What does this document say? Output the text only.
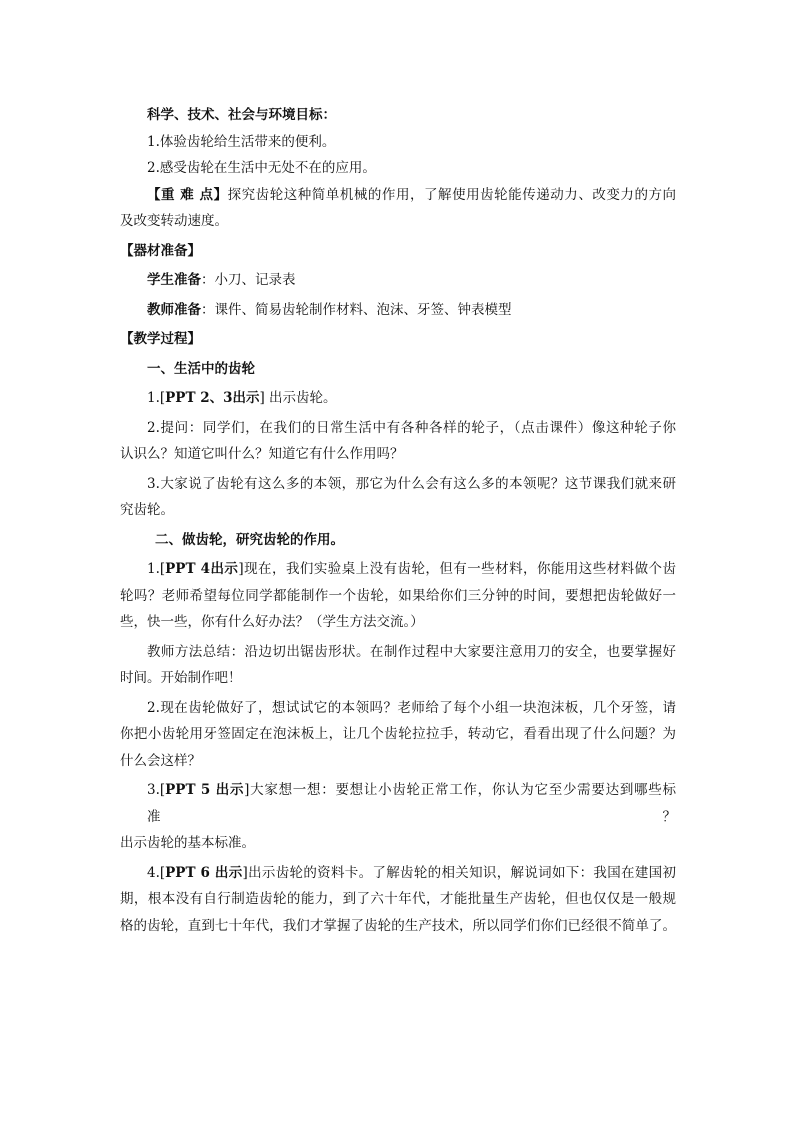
科学、技术、社会与环境目标：
1.体验齿轮给生活带来的便利。
2.感受齿轮在生活中无处不在的应用。
【重 难 点】探究齿轮这种简单机械的作用，了解使用齿轮能传递动力、改变力的方向
及改变转动速度。
【器材准备】
学生准备：小刀、记录表
教师准备：课件、简易齿轮制作材料、泡沫、牙签、钟表模型
【教学过程】
一、生活中的齿轮
1.[PPT 2、3出示] 出示齿轮。
2.提问：同学们，在我们的日常生活中有各种各样的轮子，（点击课件）像这种轮子你
认识么？知道它叫什么？知道它有什么作用吗？
3.大家说了齿轮有这么多的本领，那它为什么会有这么多的本领呢？这节课我们就来研
究齿轮。
二、做齿轮，研究齿轮的作用。
1.[PPT 4出示]现在，我们实验桌上没有齿轮，但有一些材料，你能用这些材料做个齿
轮吗？老师希望每位同学都能制作一个齿轮，如果给你们三分钟的时间，要想把齿轮做好一
些，快一些，你有什么好办法？（学生方法交流。）
教师方法总结：沿边切出锯齿形状。在制作过程中大家要注意用刀的安全，也要掌握好
时间。开始制作吧！
2.现在齿轮做好了，想试试它的本领吗？老师给了每个小组一块泡沫板，几个牙签，请
你把小齿轮用牙签固定在泡沫板上，让几个齿轮拉拉手，转动它，看看出现了什么问题？为
什么会这样？
3.[PPT 5 出示]大家想一想：要想让小齿轮正常工作，你认为它至少需要达到哪些标准？
出示齿轮的基本标准。
4.[PPT 6 出示]出示齿轮的资料卡。了解齿轮的相关知识，解说词如下：我国在建国初
期，根本没有自行制造齿轮的能力，到了六十年代，才能批量生产齿轮，但也仅仅是一般规
格的齿轮，直到七十年代，我们才掌握了齿轮的生产技术，所以同学们你们已经很不简单了。
